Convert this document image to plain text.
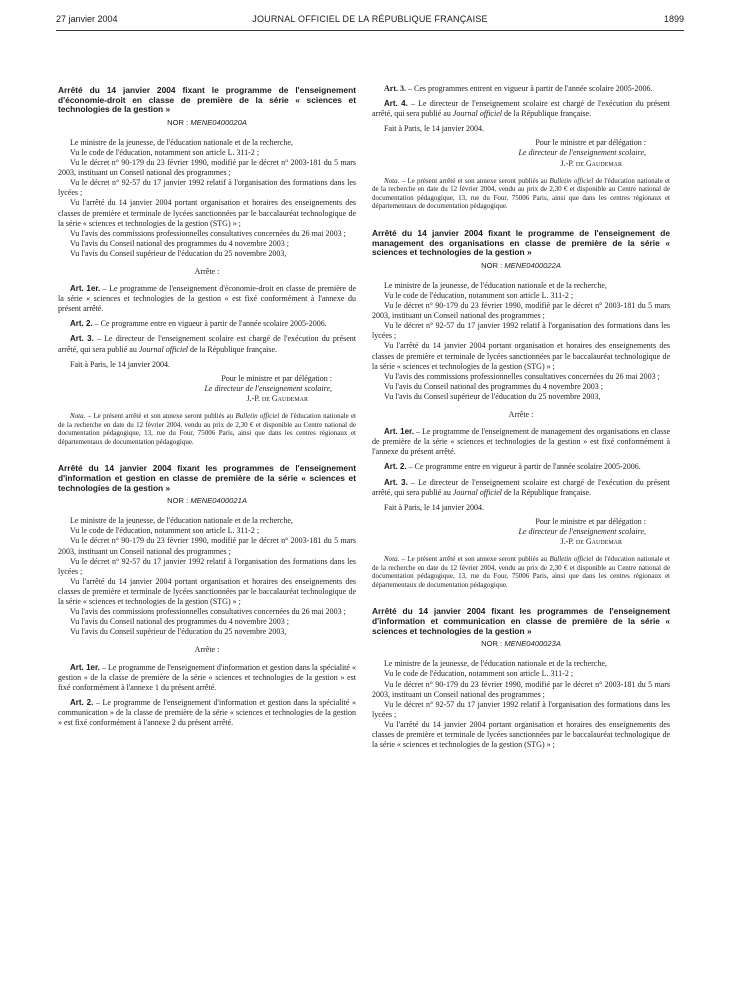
27 janvier 2004	JOURNAL OFFICIEL DE LA RÉPUBLIQUE FRANÇAISE	1899

Arrêté du 14 janvier 2004 fixant le programme de l'enseignement d'économie-droit en classe de première de la série « sciences et technologies de la gestion »

NOR : MENE0400020A

Le ministre de la jeunesse, de l'éducation nationale et de la recherche,

Vu le code de l'éducation, notamment son article L. 311-2 ;

Vu le décret n° 90-179 du 23 février 1990, modifié par le décret n° 2003-181 du 5 mars 2003, instituant un Conseil national des programmes ;

Vu le décret n° 92-57 du 17 janvier 1992 relatif à l'organisation des formations dans les lycées ;

Vu l'arrêté du 14 janvier 2004 portant organisation et horaires des enseignements des classes de première et terminale de lycées sanctionnées par le baccalauréat technologique de la série « sciences et technologies de la gestion (STG) » ;

Vu l'avis des commissions professionnelles consultatives concernées du 26 mai 2003 ;

Vu l'avis du Conseil national des programmes du 4 novembre 2003 ;

Vu l'avis du Conseil supérieur de l'éducation du 25 novembre 2003,

Arrête :

Art. 1er. – Le programme de l'enseignement d'économie-droit en classe de première de la série « sciences et technologies de la gestion » est fixé conformément à l'annexe du présent arrêté.

Art. 2. – Ce programme entre en vigueur à partir de l'année scolaire 2005-2006.

Art. 3. – Le directeur de l'enseignement scolaire est chargé de l'exécution du présent arrêté, qui sera publié au Journal officiel de la République française.

Fait à Paris, le 14 janvier 2004.

Pour le ministre et par délégation :

Le directeur de l'enseignement scolaire,

J.-P. de Gaudemar

Nota. – Le présent arrêté et son annexe seront publiés au Bulletin officiel de l'éducation nationale et de la recherche en date du 12 février 2004, vendu au prix de 2,30 € et disponible au Centre national de documentation pédagogique, 13, rue du Four, 75006 Paris, ainsi que dans les centres régionaux et départementaux de documentation pédagogique.

Arrêté du 14 janvier 2004 fixant les programmes de l'enseignement d'information et gestion en classe de première de la série « sciences et technologies de la gestion »

NOR : MENE0400021A

Le ministre de la jeunesse, de l'éducation nationale et de la recherche,

Vu le code de l'éducation, notamment son article L. 311-2 ;

Vu le décret n° 90-179 du 23 février 1990, modifié par le décret n° 2003-181 du 5 mars 2003, instituant un Conseil national des programmes ;

Vu le décret n° 92-57 du 17 janvier 1992 relatif à l'organisation des formations dans les lycées ;

Vu l'arrêté du 14 janvier 2004 portant organisation et horaires des enseignements des classes de première et terminale de lycées sanctionnées par le baccalauréat technologique de la série « sciences et technologies de la gestion (STG) » ;

Vu l'avis des commissions professionnelles consultatives concernées du 26 mai 2003 ;

Vu l'avis du Conseil national des programmes du 4 novembre 2003 ;

Vu l'avis du Conseil supérieur de l'éducation du 25 novembre 2003,

Arrête :

Art. 1er. – Le programme de l'enseignement d'information et gestion dans la spécialité « gestion » de la classe de première de la série « sciences et technologies de la gestion » est fixé conformément à l'annexe 1 du présent arrêté.

Art. 2. – Le programme de l'enseignement d'information et gestion dans la spécialité « communication » de la classe de première de la série « sciences et technologies de la gestion » est fixé conformément à l'annexe 2 du présent arrêté.

Art. 3. – Ces programmes entrent en vigueur à partir de l'année scolaire 2005-2006.

Art. 4. – Le directeur de l'enseignement scolaire est chargé de l'exécution du présent arrêté, qui sera publié au Journal officiel de la République française.

Fait à Paris, le 14 janvier 2004.

Pour le ministre et par délégation :

Le directeur de l'enseignement scolaire,

J.-P. de Gaudemar

Nota. – Le présent arrêté et son annexe seront publiés au Bulletin officiel de l'éducation nationale et de la recherche en date du 12 février 2004, vendu au prix de 2,30 € et disponible au Centre national de documentation pédagogique, 13, rue du Four, 75006 Paris, ainsi que dans les centres régionaux et départementaux de documentation pédagogique.

Arrêté du 14 janvier 2004 fixant le programme de l'enseignement de management des organisations en classe de première de la série « sciences et technologies de la gestion »

NOR : MENE0400022A

Le ministre de la jeunesse, de l'éducation nationale et de la recherche,

Vu le code de l'éducation, notamment son article L. 311-2 ;

Vu le décret n° 90-179 du 23 février 1990, modifié par le décret n° 2003-181 du 5 mars 2003, instituant un Conseil national des programmes ;

Vu le décret n° 92-57 du 17 janvier 1992 relatif à l'organisation des formations dans les lycées ;

Vu l'arrêté du 14 janvier 2004 portant organisation et horaires des enseignements des classes de première et terminale de lycées sanctionnées par le baccalauréat technologique de la série « sciences et technologies de la gestion (STG) » ;

Vu l'avis des commissions professionnelles consultatives concernées du 26 mai 2003 ;

Vu l'avis du Conseil national des programmes du 4 novembre 2003 ;

Vu l'avis du Conseil supérieur de l'éducation du 25 novembre 2003,

Arrête :

Art. 1er. – Le programme de l'enseignement de management des organisations en classe de première de la série « sciences et technologies de la gestion » est fixé conformément à l'annexe du présent arrêté.

Art. 2. – Ce programme entre en vigueur à partir de l'année scolaire 2005-2006.

Art. 3. – Le directeur de l'enseignement scolaire est chargé de l'exécution du présent arrêté, qui sera publié au Journal officiel de la République française.

Fait à Paris, le 14 janvier 2004.

Pour le ministre et par délégation :

Le directeur de l'enseignement scolaire,

J.-P. de Gaudemar

Nota. – Le présent arrêté et son annexe seront publiés au Bulletin officiel de l'éducation nationale et de la recherche en date du 12 février 2004, vendu au prix de 2,30 € et disponible au Centre national de documentation pédagogique, 13, rue du Four, 75006 Paris, ainsi que dans les centres régionaux et départementaux de documentation pédagogique.

Arrêté du 14 janvier 2004 fixant les programmes de l'enseignement d'information et communication en classe de première de la série « sciences et technologies de la gestion »

NOR : MENE0400023A

Le ministre de la jeunesse, de l'éducation nationale et de la recherche,

Vu le code de l'éducation, notamment son article L. 311-2 ;

Vu le décret n° 90-179 du 23 février 1990, modifié par le décret n° 2003-181 du 5 mars 2003, instituant un Conseil national des programmes ;

Vu le décret n° 92-57 du 17 janvier 1992 relatif à l'organisation des formations dans les lycées ;

Vu l'arrêté du 14 janvier 2004 portant organisation et horaires des enseignements des classes de première et terminale de lycées sanctionnées par le baccalauréat technologique de la série « sciences et technologies de la gestion (STG) » ;
